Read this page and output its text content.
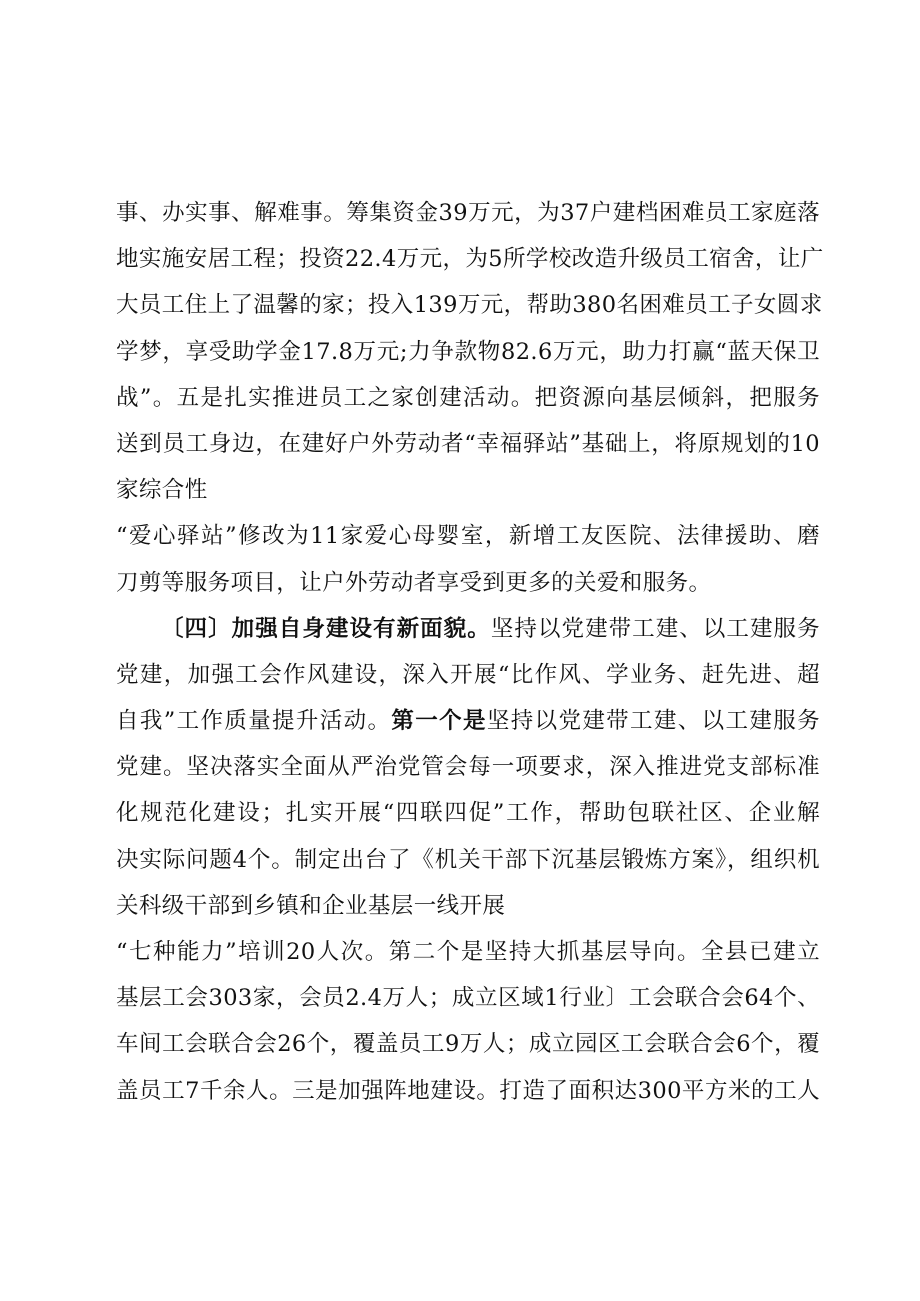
事、办实事、解难事。筹集资金39万元，为37户建档困难员工家庭落
地实施安居工程；投资22.4万元，为5所学校改造升级员工宿舍，让广
大员工住上了温馨的家；投入139万元，帮助380名困难员工子女圆求
学梦，享受助学金17.8万元;力争款物82.6万元，助力打赢“蓝天保卫
战”。五是扎实推进员工之家创建活动。把资源向基层倾斜，把服务
送到员工身边，在建好户外劳动者“幸福驿站”基础上，将原规划的10
家综合性
“爱心驿站”修改为11家爱心母婴室，新增工友医院、法律援助、磨
刀剪等服务项目，让户外劳动者享受到更多的关爱和服务。
〔四〕加强自身建设有新面貌。坚持以党建带工建、以工建服务
党建，加强工会作风建设，深入开展“比作风、学业务、赶先进、超
自我”工作质量提升活动。第一个是坚持以党建带工建、以工建服务
党建。坚决落实全面从严治党管会每一项要求，深入推进党支部标准
化规范化建设；扎实开展“四联四促”工作，帮助包联社区、企业解
决实际问题4个。制定出台了《机关干部下沉基层锻炼方案》，组织机
关科级干部到乡镇和企业基层一线开展
“七种能力”培训20人次。第二个是坚持大抓基层导向。全县已建立
基层工会303家，会员2.4万人；成立区域1行业〕工会联合会64个、
车间工会联合会26个，覆盖员工9万人；成立园区工会联合会6个，覆
盖员工7千余人。三是加强阵地建设。打造了面积达300平方米的工人
